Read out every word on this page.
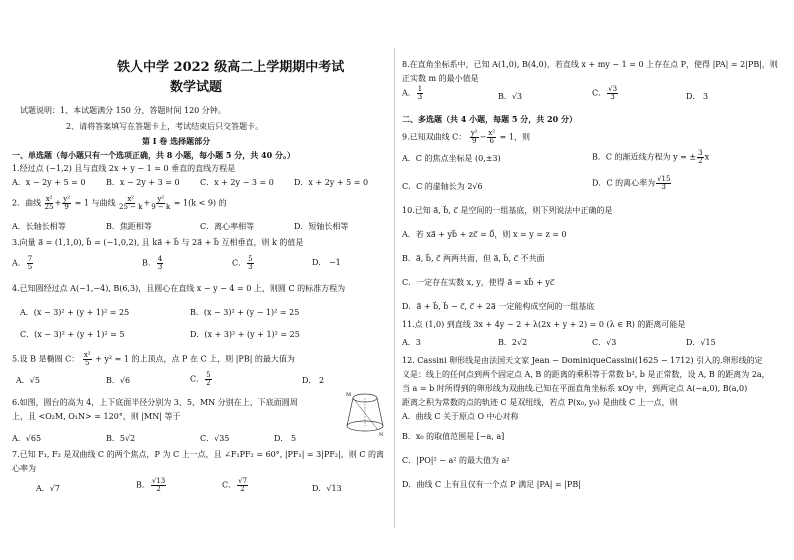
铁人中学 2022 级高二上学期期中考试
数学试题
试题说明：1、本试题满分 150 分，答题时间 120 分钟。
2、请将答案填写在答题卡上，考试结束后只交答题卡。
第 I 卷 选择题部分
一、单选题（每小题只有一个选项正确，共 8 小题，每小题 5 分，共 40 分。）
1.经过点 (−1,2) 且与直线 2x + y − 1 = 0 垂直的直线方程是
A．x − 2y + 5 = 0	B．x − 2y + 3 = 0	C．x + 2y − 3 = 0	D．x + 2y + 5 = 0
2．曲线 $\frac{\text{x²}}{25} + \frac{\text{y²}}{9} = 1$ 与曲线 $\frac{\text{x²}}{25 - k} + \frac{\text{y²}}{9 - k} = 1(k < 9)$ 的
A．长轴长相等	B．焦距相等	C．离心率相等	D．短轴长相等
3.向量 a⃗ = (1,1,0), b⃗ = (−1,0,2), 且 ka⃗ + b⃗ 与 2a⃗ + b⃗ 互相垂直，则 k 的值是
A． $\frac{7}{5}$	B． $\frac{4}{3}$	C． $\frac{5}{3}$	D． −1
4.已知圆经过点 A(−1,−4), B(6,3)，且圆心在直线 x − y − 4 = 0 上，则圆 C 的标准方程为
A．(x − 3)² + (y + 1)² = 25	B．(x − 3)² + (y − 1)² = 25
C．(x − 3)² + (y + 1)² = 5	D．(x + 3)² + (y + 1)² = 25
5.设 B 是椭圆 C： $\frac{\text{x²}}{5} + y^2 = 1$ 的上顶点，点 P 在 C 上，则 |PB| 的最大值为
A．√5	B．√6	C． $\frac{5}{2}$	D． 2
6.如图，圆台的高为 4，上下底面半径分别为 3、5，MN 分别在上、下底面圆周
上，且 <O₂M, O₁N> = 120°，则 |MN| 等于
M
N
A．√65	B．5√2	C．√35	D． 5
7.已知 F₁, F₂ 是双曲线 C 的两个焦点，P 为 C 上一点，且 ∠F₁PF₂ = 60°, |PF₁| = 3|PF₂|，则 C 的离
心率为
A．√7	B． $\frac{√13}{2}$	C． $\frac{√7}{2}$	D．√13
8.在直角坐标系中，已知 A(1,0), B(4,0)，若直线 x + my − 1 = 0 上存在点 P，使得 |PA| = 2|PB|，则
正实数 m 的最小值是
A． $\frac{1}{3}$	B．√3	C． $\frac{√3}{3}$	D． 3
二、多选题（共 4 小题，每题 5 分，共 20 分）
9.已知双曲线 C： $\frac{\text{y²}}{9} - \frac{\text{x²}}{6} = 1$，则
A．C 的焦点坐标是 (0,±3)	B．C 的渐近线方程为 y = ± $\frac{3}{2}$ x
C．C 的虚轴长为 2√6	D．C 的离心率为 $\frac{√15}{3}$
10.已知 a⃗, b⃗, c⃗ 是空间的一组基底，则下列说法中正确的是
A．若 xa⃗ + yb⃗ + zc⃗ = 0⃗，则 x = y = z = 0
B．a⃗, b⃗, c⃗ 两两共面，但 a⃗, b⃗, c⃗ 不共面
C．一定存在实数 x, y，使得 a⃗ = xb⃗ + yc⃗
D．a⃗ + b⃗, b⃗ − c⃗, c⃗ + 2a⃗ 一定能构成空间的一组基底
11.点 (1,0) 到直线 3x + 4y − 2 + λ(2x + y + 2) = 0 (λ ∈ R) 的距离可能是
A．3	B．2√2	C．√3	D．√15
12. Cassini 卵形线是由法国天文家 Jean − DominiqueCassini(1625 − 1712) 引入的.卵形线的定
义是：线上的任何点到两个固定点 A, B 的距离的乘积等于常数 b², b 是正常数，设 A, B 的距离为 2a，
当 a = b 时所得到的卵形线为双曲线.已知在平面直角坐标系 xOy 中，到两定点 A(−a,0), B(a,0)
距离之积为常数的点的轨迹 C 是双纽线，若点 P(x₀, y₀) 是曲线 C 上一点，则
A．曲线 C 关于原点 O 中心对称
B．x₀ 的取值范围是 [−a, a]
C．|PO|² − a² 的最大值为 a²
D．曲线 C 上有且仅有一个点 P 满足 |PA| = |PB|
